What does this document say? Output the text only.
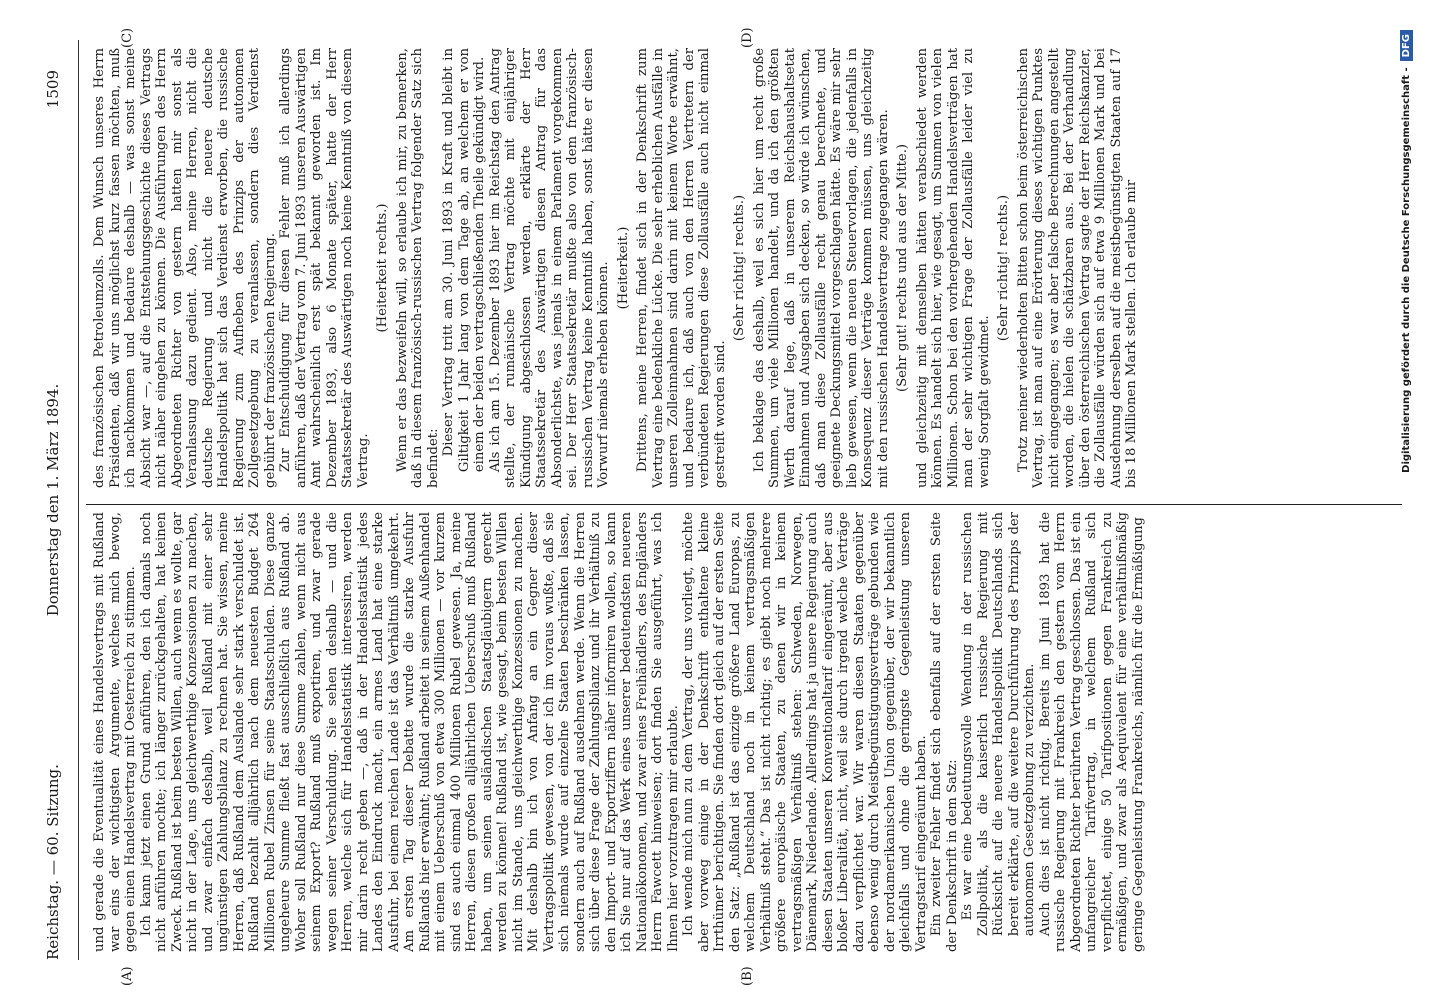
Reichstag. — 60. Sitzung.
Donnerstag den 1. März 1894.
1509
(A)	(B)
(C)	(D)

und gerade die Eventualität eines Handelsvertrags mit Rußland war eins der wichtigsten Argumente, welches mich bewog, gegen einen Handelsvertrag mit Oesterreich zu stimmen. Ich kann jetzt einen Grund anführen, den ich damals noch nicht anführen mochte; ich länger zurückgehalten, hat keinen Zweck. Rußland ist beim besten Willen, auch wenn es wollte, gar nicht in der Lage, uns gleichwerthige Konzessionen zu machen, und zwar einfach deshalb, weil Rußland mit einer sehr ungünstigen Zahlungsbilanz zu rechnen hat. Sie wissen, meine Herren, daß Rußland dem Auslande sehr stark verschuldet ist. Rußland bezahlt alljährlich nach dem neuesten Budget 264 Millionen Rubel Zinsen für seine Staatsschulden. Diese ganze ungeheure Summe fließt fast ausschließlich aus Rußland ab. Woher soll Rußland nur diese Summe zahlen, wenn nicht aus seinem Export? Rußland muß exportiren, und zwar gerade wegen seiner Verschuldung. Sie sehen deshalb — und die Herren, welche sich für Handelsstatistik interessiren, werden mir darin recht geben —, daß in der Handelsstatistik jedes Landes den Eindruck macht, ein armes Land hat eine starke Ausfuhr, bei einem reichen Lande ist das Verhältniß umgekehrt. Am ersten Tag dieser Debatte wurde die starke Ausfuhr Rußlands hier erwähnt; Rußland arbeitet in seinem Außenhandel mit einem Ueberschuß von etwa 300 Millionen — vor kurzem sind es auch einmal 400 Millionen Rubel gewesen. Ja, meine Herren, diesen großen alljährlichen Ueberschuß muß Rußland haben, um seinen ausländischen Staatsgläubigern gerecht werden zu können! Rußland ist, wie gesagt, beim besten Willen nicht im Stande, uns gleichwerthige Konzessionen zu machen. Mit deshalb bin ich von Anfang an ein Gegner dieser Vertragspolitik gewesen, von der ich im voraus wußte, daß sie sich niemals wurde auf einzelne Staaten beschränken lassen, sondern auch auf Rußland ausdehnen werde. Wenn die Herren sich über diese Frage der Zahlungsbilanz und ihr Verhältniß zu den Import- und Exportziffern näher informiren wollen, so kann ich Sie nur auf das Werk eines unserer bedeutendsten neueren Nationalökonomen, und zwar eines Freihändlers, des Engländers Herrn Fawcett hinweisen; dort finden Sie ausgeführt, was ich Ihnen hier vorzutragen mir erlaubte. Ich wende mich nun zu dem Vertrag, der uns vorliegt, möchte aber vorweg einige in der Denkschrift enthaltene kleine Irrthümer berichtigen. Sie finden dort gleich auf der ersten Seite den Satz: „Rußland ist das einzige größere Land Europas, zu welchem Deutschland noch in keinem vertragsmäßigen Verhältniß steht.“ Das ist nicht richtig; es giebt noch mehrere größere europäische Staaten, zu denen wir in keinem vertragsmäßigen Verhältniß stehen: Schweden, Norwegen, Dänemark, Niederlande. Allerdings hat ja unsere Regierung auch diesen Staaten unseren Konventionaltarif eingeräumt, aber aus bloßer Liberalität, nicht, weil sie durch irgend welche Verträge dazu verpflichtet war. Wir waren diesen Staaten gegenüber ebenso wenig durch Meistbegünstigungsverträge gebunden wie der nordamerikanischen Union gegenüber, der wir bekanntlich gleichfalls und ohne die geringste Gegenleistung unseren Vertragstarif eingeräumt haben. Ein zweiter Fehler findet sich ebenfalls auf der ersten Seite der Denkschrift in dem Satz: Es war eine bedeutungsvolle Wendung in der russischen Zollpolitik, als die kaiserlich russische Regierung mit Rücksicht auf die neuere Handelspolitik Deutschlands sich bereit erklärte, auf die weitere Durchführung des Prinzips der autonomen Gesetzgebung zu verzichten. Auch dies ist nicht richtig. Bereits im Juni 1893 hat die russische Regierung mit Frankreich den gestern vom Herrn Abgeordneten Richter berührten Vertrag geschlossen. Das ist ein unfangreicher Tarifvertrag, in welchem Rußland sich verpflichtet, einige 50 Tarifpositionen gegen Frankreich zu ermäßigen, und zwar als Aequivalent für eine verhältnißmäßig geringe Gegenleistung Frankreichs, nämlich für die Ermäßigung

des französischen Petroleumzolls. Dem Wunsch unseres Herrn Präsidenten, daß wir uns möglichst kurz fassen möchten, muß ich nachkommen und bedaure deshalb — was sonst meine Absicht war —, auf die Entstehungsgeschichte dieses Vertrags nicht näher eingehen zu können. Die Ausführungen des Herrn Abgeordneten Richter von gestern hatten mir sonst als Veranlassung dazu gedient. Also, meine Herren, nicht die deutsche Regierung und nicht die neuere deutsche Handelspolitik hat sich das Verdienst erworben, die russische Regierung zum Aufheben des Prinzips der autonomen Zollgesetzgebung zu veranlassen, sondern dies Verdienst gebührt der französischen Regierung. Zur Entschuldigung für diesen Fehler muß ich allerdings anführen, daß der Vertrag vom 7. Juni 1893 unseren Auswärtigen Amt wahrscheinlich erst spät bekannt geworden ist. Im Dezember 1893, also 6 Monate später, hatte der Herr Staatssekretär des Auswärtigen noch keine Kenntniß von diesem Vertrag.

(Heiterkeit rechts.) Wenn er das bezweifeln will, so erlaube ich mir, zu bemerken, daß in diesem französisch-russischen Vertrag folgender Satz sich befindet:

Dieser Vertrag tritt am 30. Juni 1893 in Kraft und bleibt in Giltigkeit 1 Jahr lang von dem Tage ab, an welchem er von einem der beiden vertragschließenden Theile gekündigt wird. Als ich am 15. Dezember 1893 hier im Reichstag den Antrag stellte, der rumänische Vertrag möchte mit einjähriger Kündigung abgeschlossen werden, erklärte der Herr Staatssekretär des Auswärtigen diesen Antrag für das Absonderlichste, was jemals in einem Parlament vorgekommen sei. Der Herr Staatssekretär mußte also von dem französisch-russischen Vertrag keine Kenntniß haben, sonst hätte er diesen Vorwurf niemals erheben können. (Heiterkeit.) Drittens, meine Herren, findet sich in der Denkschrift zum Vertrag eine bedenkliche Lücke. Die sehr erheblichen Ausfälle in unseren Zolleinnahmen sind darin mit keinem Worte erwähnt, und bedaure ich, daß auch von den Herren Vertretern der verbündeten Regierungen diese Zollausfälle auch nicht einmal gestreift worden sind.

(Sehr richtig! rechts.) Ich beklage das deshalb, weil es sich hier um recht große Summen, um viele Millionen handelt, und da ich den größten Werth darauf lege, daß in unserem Reichshaushaltsetat Einnahmen und Ausgaben sich decken, so würde ich wünschen, daß man diese Zollausfälle recht genau berechnete, und geeignete Deckungsmittel vorgeschlagen hätte. Es wäre mir sehr lieb gewesen, wenn die neuen Steuervorlagen, die jedenfalls in Konsequenz dieser Verträge kommen müssen, uns gleichzeitig mit den russischen Handelsvertrage zugegangen wären. (Sehr gut! rechts und aus der Mitte.) und gleichzeitig mit demselben hätten verabschiedet werden können. Es handelt sich hier, wie gesagt, um Summen von vielen Millionen. Schon bei den vorhergehenden Handelsverträgen hat man der sehr wichtigen Frage der Zollausfälle leider viel zu wenig Sorgfalt gewidmet.

(Sehr richtig! rechts.) Trotz meiner wiederholten Bitten schon beim österreichischen Vertrag, ist man auf eine Erörterung dieses wichtigen Punktes nicht eingegangen; es war aber falsche Berechnungen angestellt worden, die hielen die schätzbaren aus. Bei der Verhandlung über den österreichischen Vertrag sagte der Herr Reichskanzler, die Zollausfälle würden sich auf etwa 9 Millionen Mark und bei Ausdehnung derselben auf die meistbegünstigten Staaten auf 17 bis 18 Millionen Mark stellen. Ich erlaube mir	Digitalisierung gefördert durch die Deutsche Forschungsgemeinschaft -DFG
